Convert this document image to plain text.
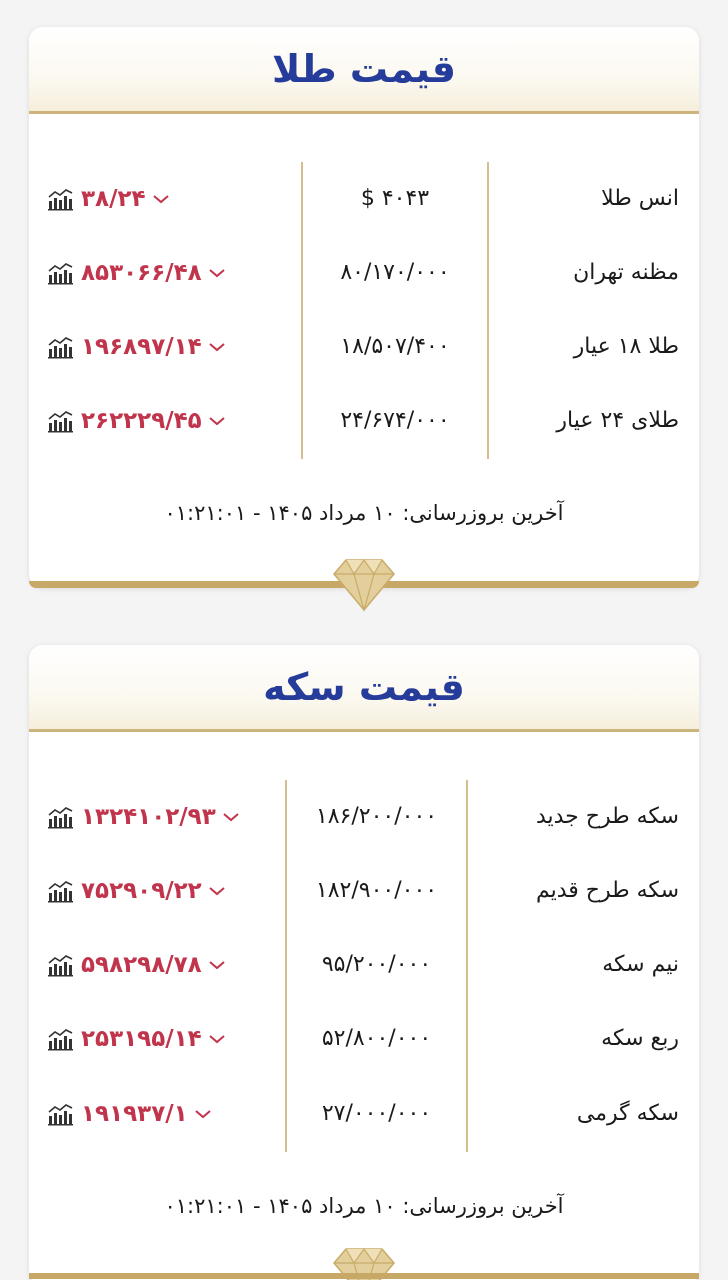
قیمت طلا
انس طلا
$ ۴۰۴۳
۳۸/۲۴
مظنه تهران
۸۰/۱۷۰/۰۰۰
۸۵۳۰۶۶/۴۸
طلا ۱۸ عیار
۱۸/۵۰۷/۴۰۰
۱۹۶۸۹۷/۱۴
طلای ۲۴ عیار
۲۴/۶۷۴/۰۰۰
۲۶۲۲۲۹/۴۵
آخرین بروزرسانی: ۱۰ مرداد ۱۴۰۵ - ۰۱:۲۱:۰۱
قیمت سکه
سکه طرح جدید
۱۸۶/۲۰۰/۰۰۰
۱۳۲۴۱۰۲/۹۳
سکه طرح قدیم
۱۸۲/۹۰۰/۰۰۰
۷۵۲۹۰۹/۲۲
نیم سکه
۹۵/۲۰۰/۰۰۰
۵۹۸۲۹۸/۷۸
ربع سکه
۵۲/۸۰۰/۰۰۰
۲۵۳۱۹۵/۱۴
سکه گرمی
۲۷/۰۰۰/۰۰۰
۱۹۱۹۳۷/۱
آخرین بروزرسانی: ۱۰ مرداد ۱۴۰۵ - ۰۱:۲۱:۰۱
